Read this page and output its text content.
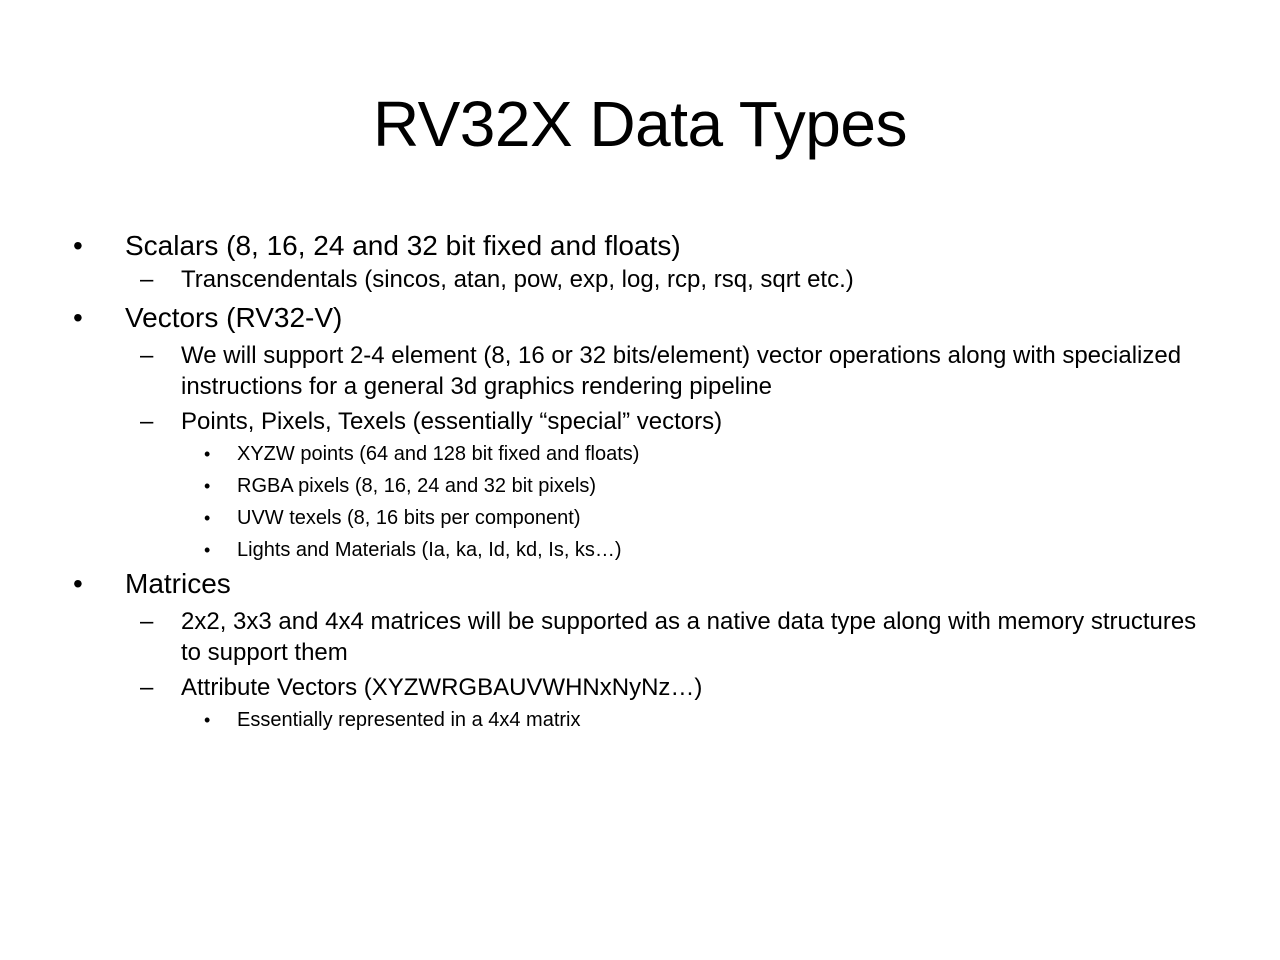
RV32X Data Types
• Scalars (8, 16, 24 and 32 bit fixed and floats)
– Transcendentals (sincos, atan, pow, exp, log, rcp, rsq, sqrt etc.)
• Vectors (RV32-V)
– We will support 2-4 element (8, 16 or 32 bits/element) vector operations along with specialized instructions for a general 3d graphics rendering pipeline
– Points, Pixels, Texels (essentially “special” vectors)
• XYZW points (64 and 128 bit fixed and floats)
• RGBA pixels (8, 16, 24 and 32 bit pixels)
• UVW texels (8, 16 bits per component)
• Lights and Materials (Ia, ka, Id, kd, Is, ks…)
• Matrices
– 2x2, 3x3 and 4x4 matrices will be supported as a native data type along with memory structures to support them
– Attribute Vectors (XYZWRGBAUVWHNxNyNz…)
• Essentially represented in a 4x4 matrix
